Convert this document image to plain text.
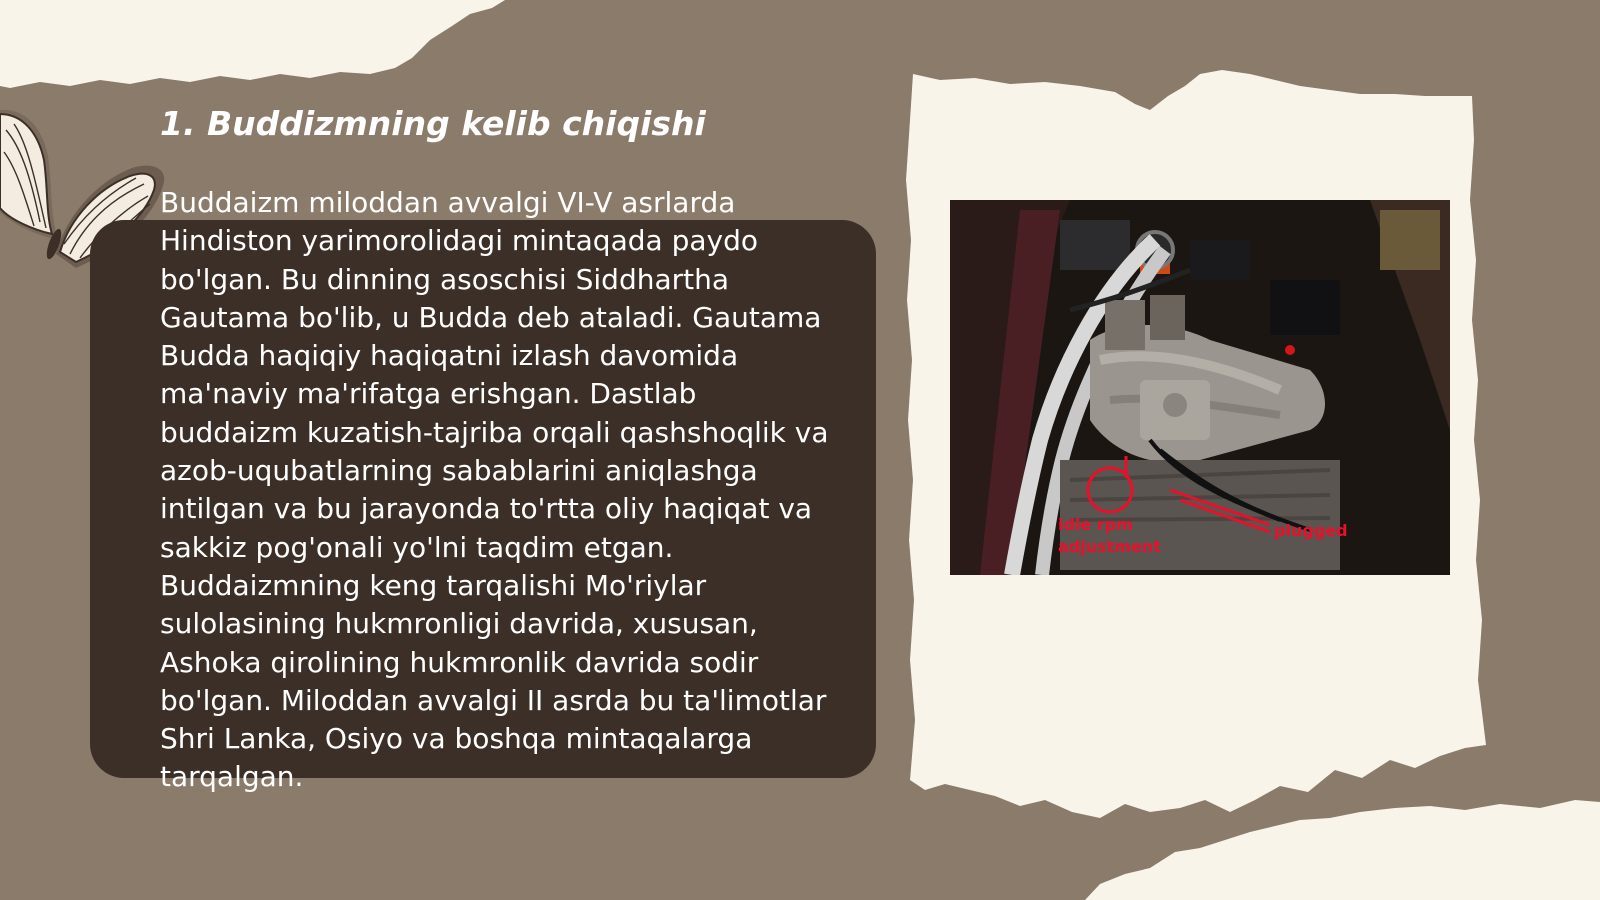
1. Buddizmning kelib chiqishi

Buddaizm miloddan avvalgi VI-V asrlarda Hindiston yarimorolidagi mintaqada paydo bo'lgan. Bu dinning asoschisi Siddhartha Gautama bo'lib, u Budda deb ataladi. Gautama Budda haqiqiy haqiqatni izlash davomida ma'naviy ma'rifatga erishgan. Dastlab buddaizm kuzatish-tajriba orqali qashshoqlik va azob-uqubatlarning sabablarini aniqlashga intilgan va bu jarayonda to'rtta oliy haqiqat va sakkiz pog'onali yo'lni taqdim etgan. Buddaizmning keng tarqalishi Mo'riylar sulolasining hukmronligi davrida, xususan, Ashoka qirolining hukmronlik davrida sodir bo'lgan. Miloddan avvalgi II asrda bu ta'limotlar Shri Lanka, Osiyo va boshqa mintaqalarga tarqalgan.

idle rpm
adjustment
plugged
